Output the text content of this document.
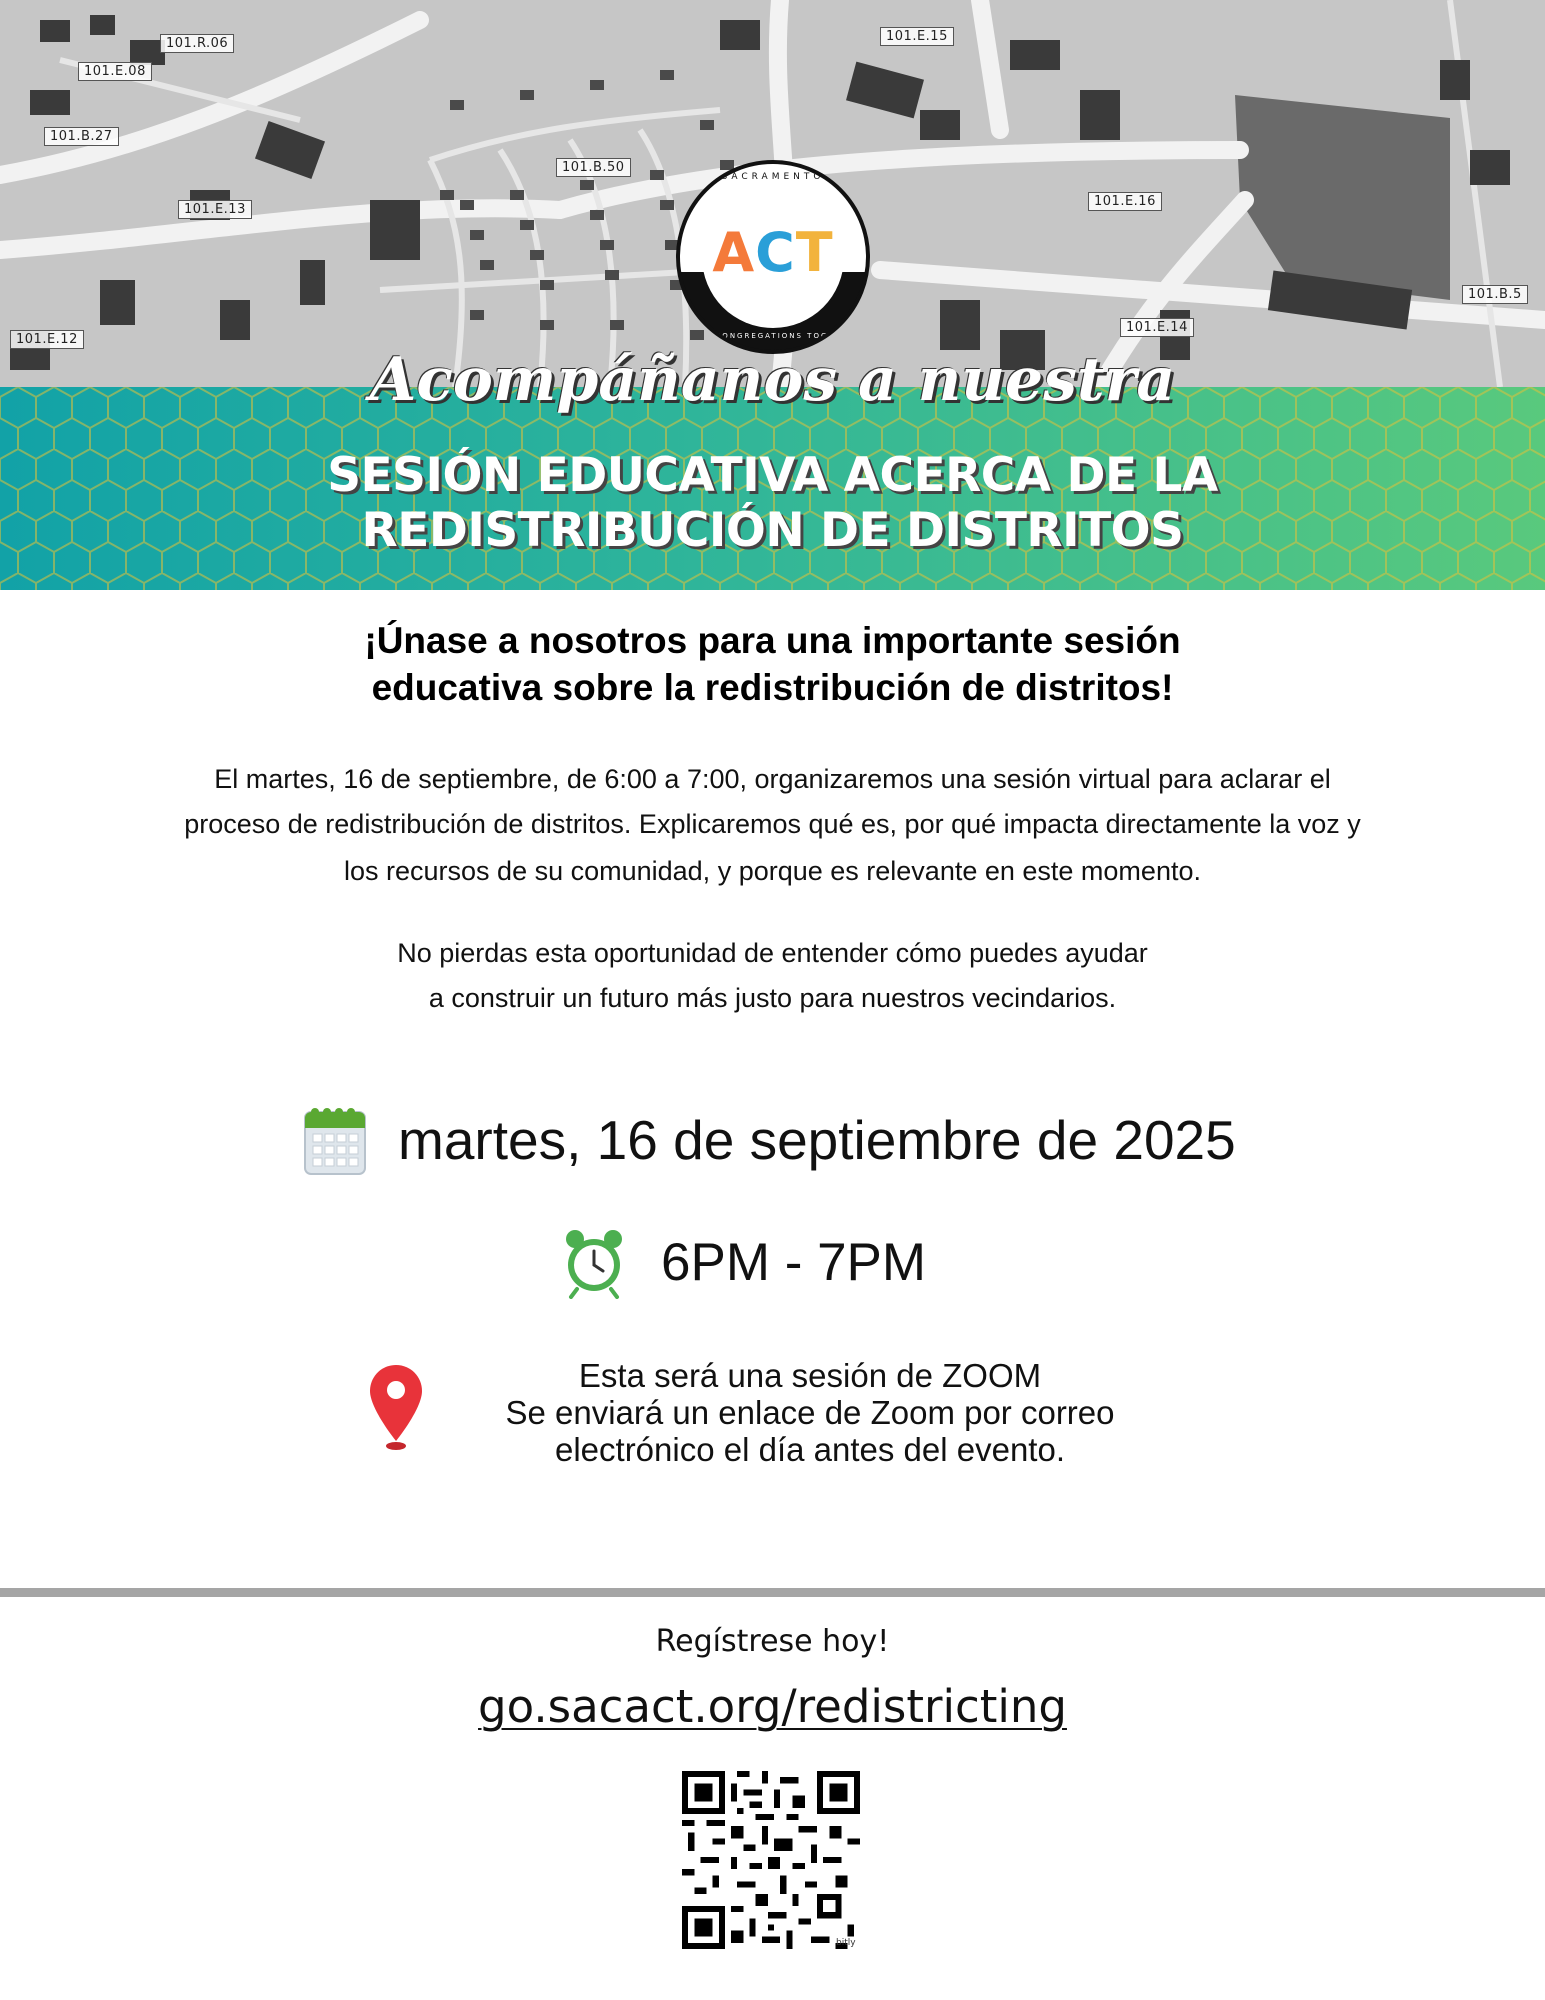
101.R.06
101.E.08
101.B.27
101.E.13
101.E.12
101.B.50
101.E.15
101.E.16
101.E.14
101.B.5
SACRAMENTO
ACT
AREA CONGREGATIONS TOGETHER
Acompáñanos a nuestra
SESIÓN EDUCATIVA ACERCA DE LA
REDISTRIBUCIÓN DE DISTRITOS
¡Únase a nosotros para una importante sesión
educativa sobre la redistribución de distritos!
El martes, 16 de septiembre, de 6:00 a 7:00, organizaremos una sesión virtual para aclarar el
proceso de redistribución de distritos. Explicaremos qué es, por qué impacta directamente la voz y
los recursos de su comunidad, y porque es relevante en este momento.
No pierdas esta oportunidad de entender cómo puedes ayudar
a construir un futuro más justo para nuestros vecindarios.
martes, 16 de septiembre de 2025
6PM - 7PM
Esta será una sesión de ZOOM
Se enviará un enlace de Zoom por correo
electrónico el día antes del evento.
Regístrese hoy!
go.sacact.org/redistricting
bitly
